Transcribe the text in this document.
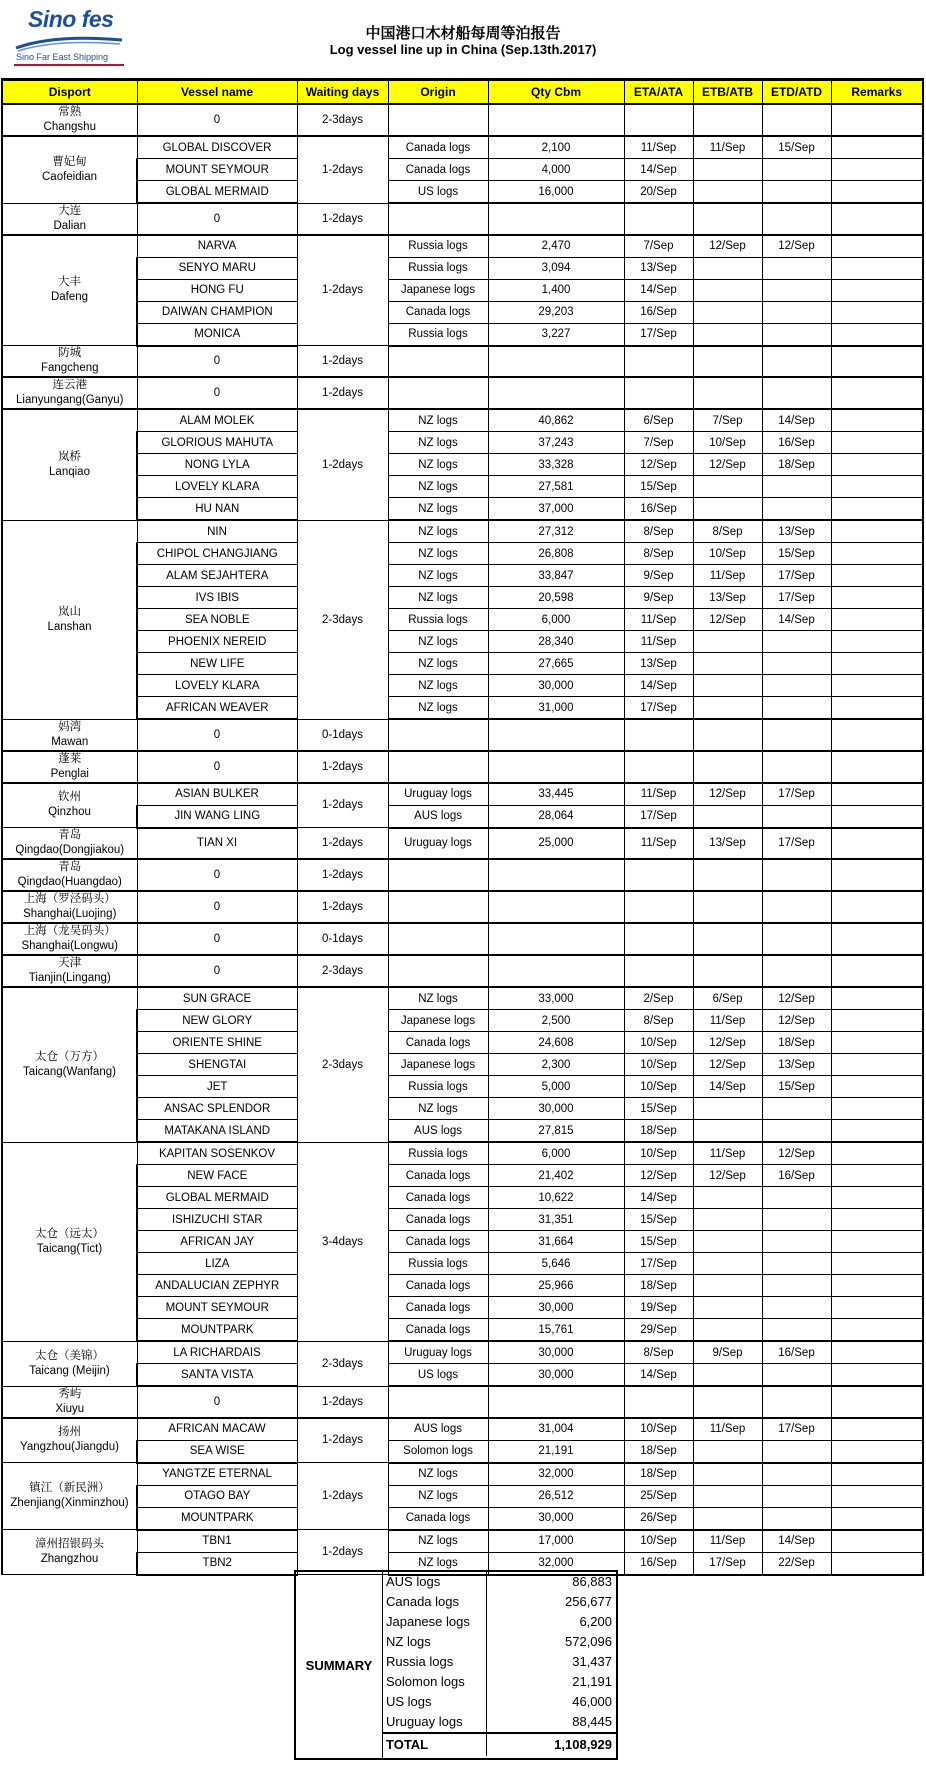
Sino fes
Sino Far East Shipping
中国港口木材船每周等泊报告
Log vessel line up in China (Sep.13th.2017)
Disport	Vessel name	Waiting days	Origin	Qty Cbm	ETA/ATA	ETB/ATB	ETD/ATD	Remarks

常熟
Changshu	0	2-3days						

曹妃甸
Caofeidian	GLOBAL DISCOVER	1-2days	Canada logs	2,100	11/Sep	11/Sep	15/Sep	
	MOUNT SEYMOUR		Canada logs	4,000	14/Sep			
	GLOBAL MERMAID		US logs	16,000	20/Sep			

大连
Dalian	0	1-2days						

大丰
Dafeng	NARVA	1-2days	Russia logs	2,470	7/Sep	12/Sep	12/Sep	
	SENYO MARU		Russia logs	3,094	13/Sep			
	HONG FU		Japanese logs	1,400	14/Sep			
	DAIWAN CHAMPION		Canada logs	29,203	16/Sep			
	MONICA		Russia logs	3,227	17/Sep			

防城
Fangcheng	0	1-2days						

连云港
Lianyungang(Ganyu)	0	1-2days						

岚桥
Lanqiao	ALAM MOLEK	1-2days	NZ logs	40,862	6/Sep	7/Sep	14/Sep	
	GLORIOUS MAHUTA		NZ logs	37,243	7/Sep	10/Sep	16/Sep	
	NONG LYLA		NZ logs	33,328	12/Sep	12/Sep	18/Sep	
	LOVELY KLARA		NZ logs	27,581	15/Sep			
	HU NAN		NZ logs	37,000	16/Sep			

岚山
Lanshan	NIN	2-3days	NZ logs	27,312	8/Sep	8/Sep	13/Sep	
	CHIPOL CHANGJIANG		NZ logs	26,808	8/Sep	10/Sep	15/Sep	
	ALAM SEJAHTERA		NZ logs	33,847	9/Sep	11/Sep	17/Sep	
	IVS IBIS		NZ logs	20,598	9/Sep	13/Sep	17/Sep	
	SEA NOBLE		Russia logs	6,000	11/Sep	12/Sep	14/Sep	
	PHOENIX NEREID		NZ logs	28,340	11/Sep			
	NEW LIFE		NZ logs	27,665	13/Sep			
	LOVELY KLARA		NZ logs	30,000	14/Sep			
	AFRICAN WEAVER		NZ logs	31,000	17/Sep			

妈湾
Mawan	0	0-1days						

蓬莱
Penglai	0	1-2days						

钦州
Qinzhou	ASIAN BULKER	1-2days	Uruguay logs	33,445	11/Sep	12/Sep	17/Sep	
	JIN WANG LING		AUS logs	28,064	17/Sep			

青岛
Qingdao(Dongjiakou)	TIAN XI	1-2days	Uruguay logs	25,000	11/Sep	13/Sep	17/Sep	

青岛
Qingdao(Huangdao)	0	1-2days						

上海（罗泾码头）
Shanghai(Luojing)	0	1-2days						

上海（龙吴码头）
Shanghai(Longwu)	0	0-1days						

天津
Tianjin(Lingang)	0	2-3days						

太仓（万方）
Taicang(Wanfang)	SUN GRACE	2-3days	NZ logs	33,000	2/Sep	6/Sep	12/Sep	
	NEW GLORY		Japanese logs	2,500	8/Sep	11/Sep	12/Sep	
	ORIENTE SHINE		Canada logs	24,608	10/Sep	12/Sep	18/Sep	
	SHENGTAI		Japanese logs	2,300	10/Sep	12/Sep	13/Sep	
	JET		Russia logs	5,000	10/Sep	14/Sep	15/Sep	
	ANSAC SPLENDOR		NZ logs	30,000	15/Sep			
	MATAKANA ISLAND		AUS logs	27,815	18/Sep			

太仓（远太）
Taicang(Tict)	KAPITAN SOSENKOV	3-4days	Russia logs	6,000	10/Sep	11/Sep	12/Sep	
	NEW FACE		Canada logs	21,402	12/Sep	12/Sep	16/Sep	
	GLOBAL MERMAID		Canada logs	10,622	14/Sep			
	ISHIZUCHI STAR		Canada logs	31,351	15/Sep			
	AFRICAN JAY		Canada logs	31,664	15/Sep			
	LIZA		Russia logs	5,646	17/Sep			
	ANDALUCIAN ZEPHYR		Canada logs	25,966	18/Sep			
	MOUNT SEYMOUR		Canada logs	30,000	19/Sep			
	MOUNTPARK		Canada logs	15,761	29/Sep			

太仓（美锦）
Taicang (Meijin)	LA RICHARDAIS	2-3days	Uruguay logs	30,000	8/Sep	9/Sep	16/Sep	
	SANTA VISTA		US logs	30,000	14/Sep			

秀屿
Xiuyu	0	1-2days						

扬州
Yangzhou(Jiangdu)	AFRICAN MACAW	1-2days	AUS logs	31,004	10/Sep	11/Sep	17/Sep	
	SEA WISE		Solomon logs	21,191	18/Sep			

镇江（新民洲）
Zhenjiang(Xinminzhou)	YANGTZE ETERNAL	1-2days	NZ logs	32,000	18/Sep			
	OTAGO BAY		NZ logs	26,512	25/Sep			
	MOUNTPARK		Canada logs	30,000	26/Sep			

漳州招银码头
Zhangzhou	TBN1	1-2days	NZ logs	17,000	10/Sep	11/Sep	14/Sep	
	TBN2		NZ logs	32,000	16/Sep	17/Sep	22/Sep	
SUMMARY
AUS logs	86,883
Canada logs	256,677
Japanese logs	6,200
NZ logs	572,096
Russia logs	31,437
Solomon logs	21,191
US logs	46,000
Uruguay logs	88,445
TOTAL	1,108,929
